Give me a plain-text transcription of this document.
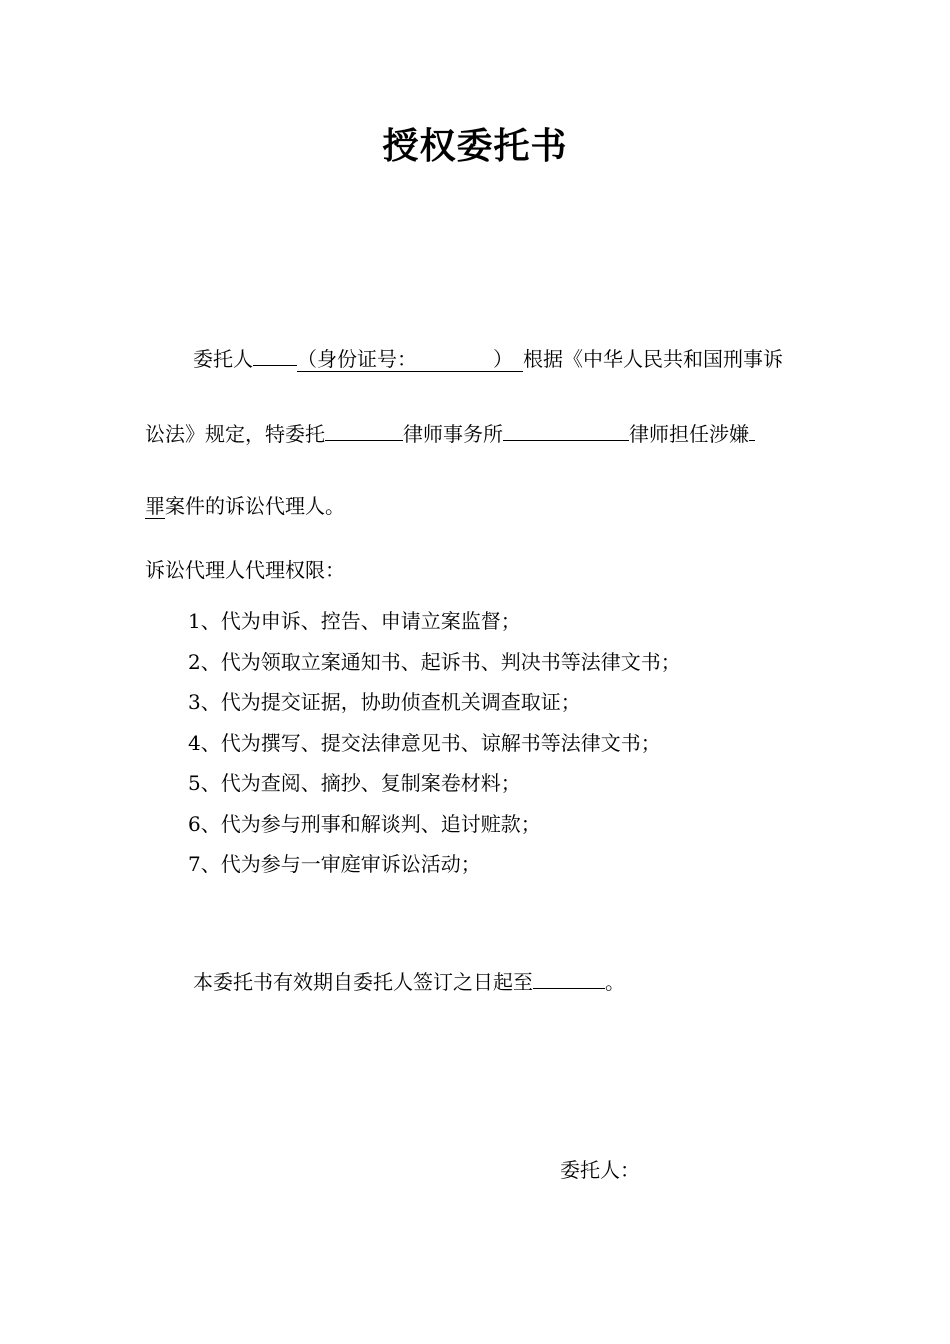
授权委托书
委托人 （身份证号：	） 根据《中华人民共和国刑事诉
讼法》规定，特委托	律师事务所	律师担任涉嫌
罪案件的诉讼代理人。
诉讼代理人代理权限：
1、代为申诉、控告、申请立案监督；
2、代为领取立案通知书、起诉书、判决书等法律文书；
3、代为提交证据，协助侦查机关调查取证；
4、代为撰写、提交法律意见书、谅解书等法律文书；
5、代为查阅、摘抄、复制案卷材料；
6、代为参与刑事和解谈判、追讨赃款；
7、代为参与一审庭审诉讼活动；
本委托书有效期自委托人签订之日起至	。
委托人：
